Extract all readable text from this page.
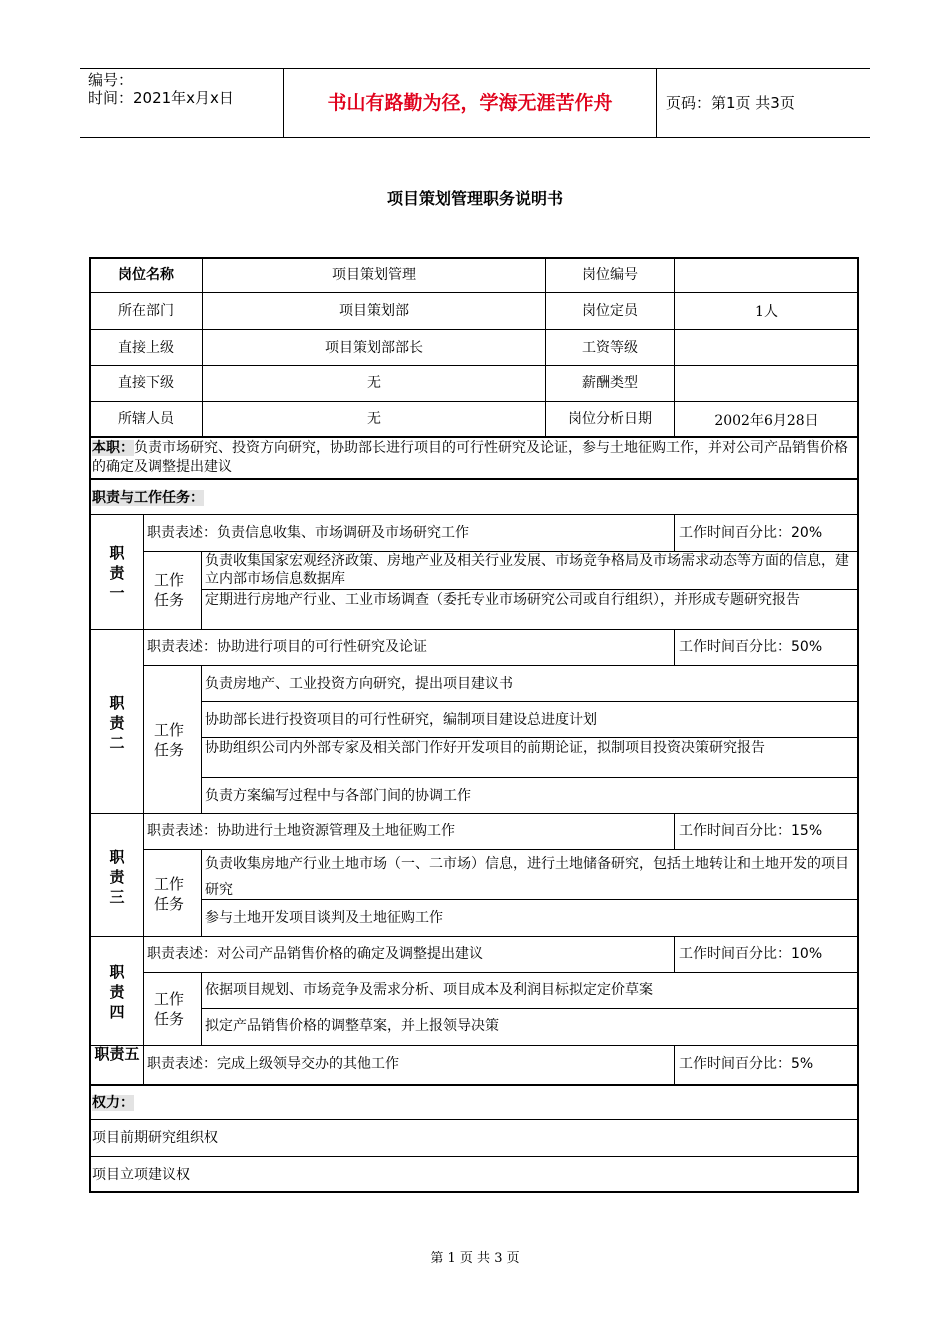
编号：
时间：2021年x月x日	书山有路勤为径，学海无涯苦作舟	页码：第1页 共3页
项目策划管理职务说明书
岗位名称	项目策划管理	岗位编号
所在部门	项目策划部	岗位定员	1人
直接上级	项目策划部部长	工资等级
直接下级	无	薪酬类型
所辖人员	无	岗位分析日期	2002年6月28日
本职：负责市场研究、投资方向研究，协助部长进行项目的可行性研究及论证，参与土地征购工作，并对公司产品销售价格的确定及调整提出建议
职责与工作任务：
职
责
一
职责表述：负责信息收集、市场调研及市场研究工作	工作时间百分比：20%
工作任务
负责收集国家宏观经济政策、房地产业及相关行业发展、市场竞争格局及市场需求动态等方面的信息，建立内部市场信息数据库
定期进行房地产行业、工业市场调查（委托专业市场研究公司或自行组织），并形成专题研究报告
职
责
二
职责表述：协助进行项目的可行性研究及论证	工作时间百分比：50%
工作任务
负责房地产、工业投资方向研究，提出项目建议书
协助部长进行投资项目的可行性研究，编制项目建设总进度计划
协助组织公司内外部专家及相关部门作好开发项目的前期论证，拟制项目投资决策研究报告
负责方案编写过程中与各部门间的协调工作
职
责
三
职责表述：协助进行土地资源管理及土地征购工作	工作时间百分比：15%
工作任务
负责收集房地产行业土地市场（一、二市场）信息，进行土地储备研究，包括土地转让和土地开发的项目研究
参与土地开发项目谈判及土地征购工作
职
责
四
职责表述：对公司产品销售价格的确定及调整提出建议	工作时间百分比：10%
工作任务
依据项目规划、市场竞争及需求分析、项目成本及利润目标拟定定价草案
拟定产品销售价格的调整草案，并上报领导决策
职责五
职责表述：完成上级领导交办的其他工作	工作时间百分比：5%
权力：
项目前期研究组织权
项目立项建议权
第 1 页 共 3 页
